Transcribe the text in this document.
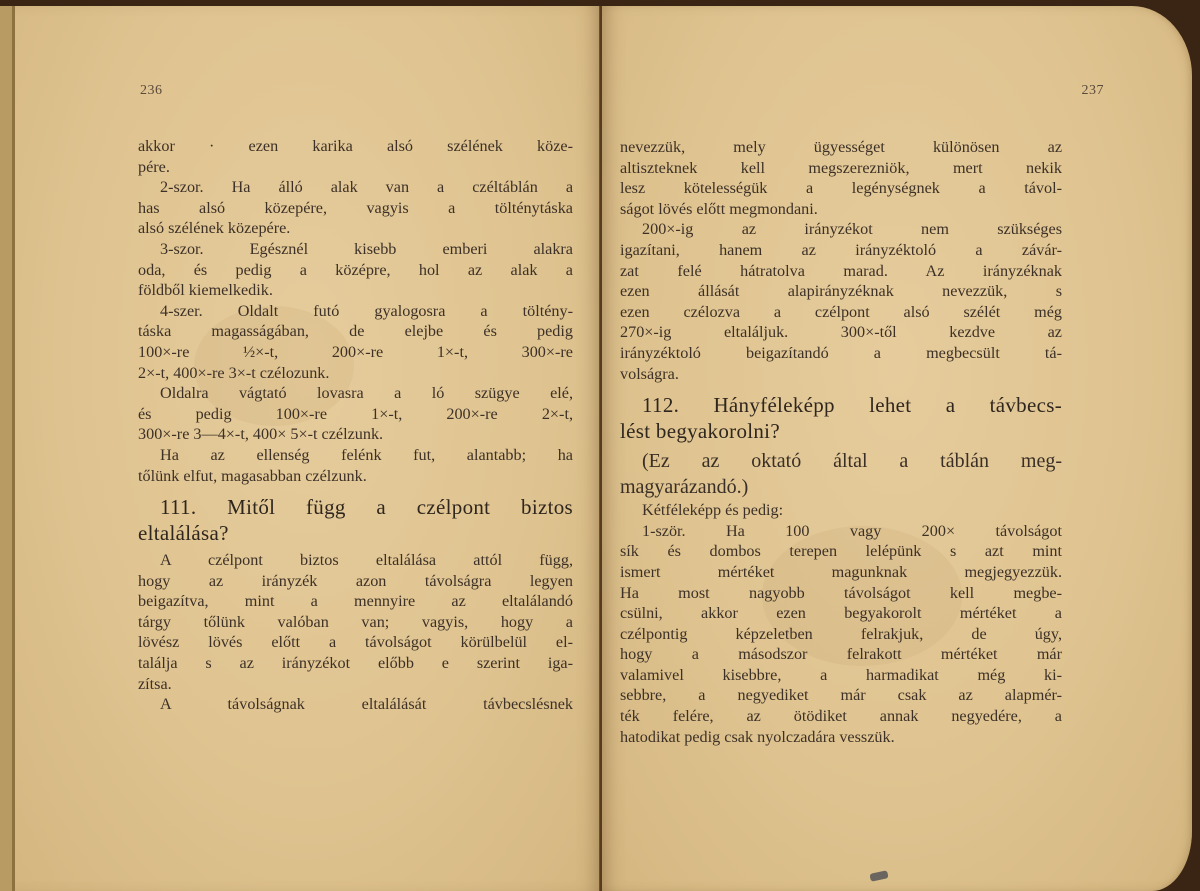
236
akkor · ezen karika alsó szélének köze-
pére.
2-szor. Ha álló alak van a czéltáblán a
has alsó közepére, vagyis a tölténytáska
alsó szélének közepére.
3-szor. Egésznél kisebb emberi alakra
oda, és pedig a középre, hol az alak a
földből kiemelkedik.
4-szer. Oldalt futó gyalogosra a töltény-
táska magasságában, de elejbe és pedig
100×-re ½×-t, 200×-re 1×-t, 300×-re
2×-t, 400×-re 3×-t czélozunk.
Oldalra vágtató lovasra a ló szügye elé,
és pedig 100×-re 1×-t, 200×-re 2×-t,
300×-re 3—4×-t, 400× 5×-t czélzunk.
Ha az ellenség felénk fut, alantabb; ha
tőlünk elfut, magasabban czélzunk.
111. Mitől függ a czélpont biztos
eltalálása?
A czélpont biztos eltalálása attól függ,
hogy az irányzék azon távolságra legyen
beigazítva, mint a mennyire az eltalálandó
tárgy tőlünk valóban van; vagyis, hogy a
lövész lövés előtt a távolságot körülbelül el-
találja s az irányzékot előbb e szerint iga-
zítsa.
A távolságnak eltalálását távbecslésnek
237
nevezzük, mely ügyességet különösen az
altiszteknek kell megszerezniök, mert nekik
lesz kötelességük a legénységnek a távol-
ságot lövés előtt megmondani.
200×-ig az irányzékot nem szükséges
igazítani, hanem az irányzéktoló a závár-
zat felé hátratolva marad. Az irányzéknak
ezen állását alapirányzéknak nevezzük, s
ezen czélozva a czélpont alsó szélét még
270×-ig eltaláljuk. 300×-től kezdve az
irányzéktoló beigazítandó a megbecsült tá-
volságra.
112. Hányféleképp lehet a távbecs-
lést begyakorolni?
(Ez az oktató által a táblán meg-
magyarázandó.)
Kétféleképp és pedig:
1-ször. Ha 100 vagy 200× távolságot
sík és dombos terepen lelépünk s azt mint
ismert mértéket magunknak megjegyezzük.
Ha most nagyobb távolságot kell megbe-
csülni, akkor ezen begyakorolt mértéket a
czélpontig képzeletben felrakjuk, de úgy,
hogy a másodszor felrakott mértéket már
valamivel kisebbre, a harmadikat még ki-
sebbre, a negyediket már csak az alapmér-
ték felére, az ötödiket annak negyedére, a
hatodikat pedig csak nyolczadára vesszük.
